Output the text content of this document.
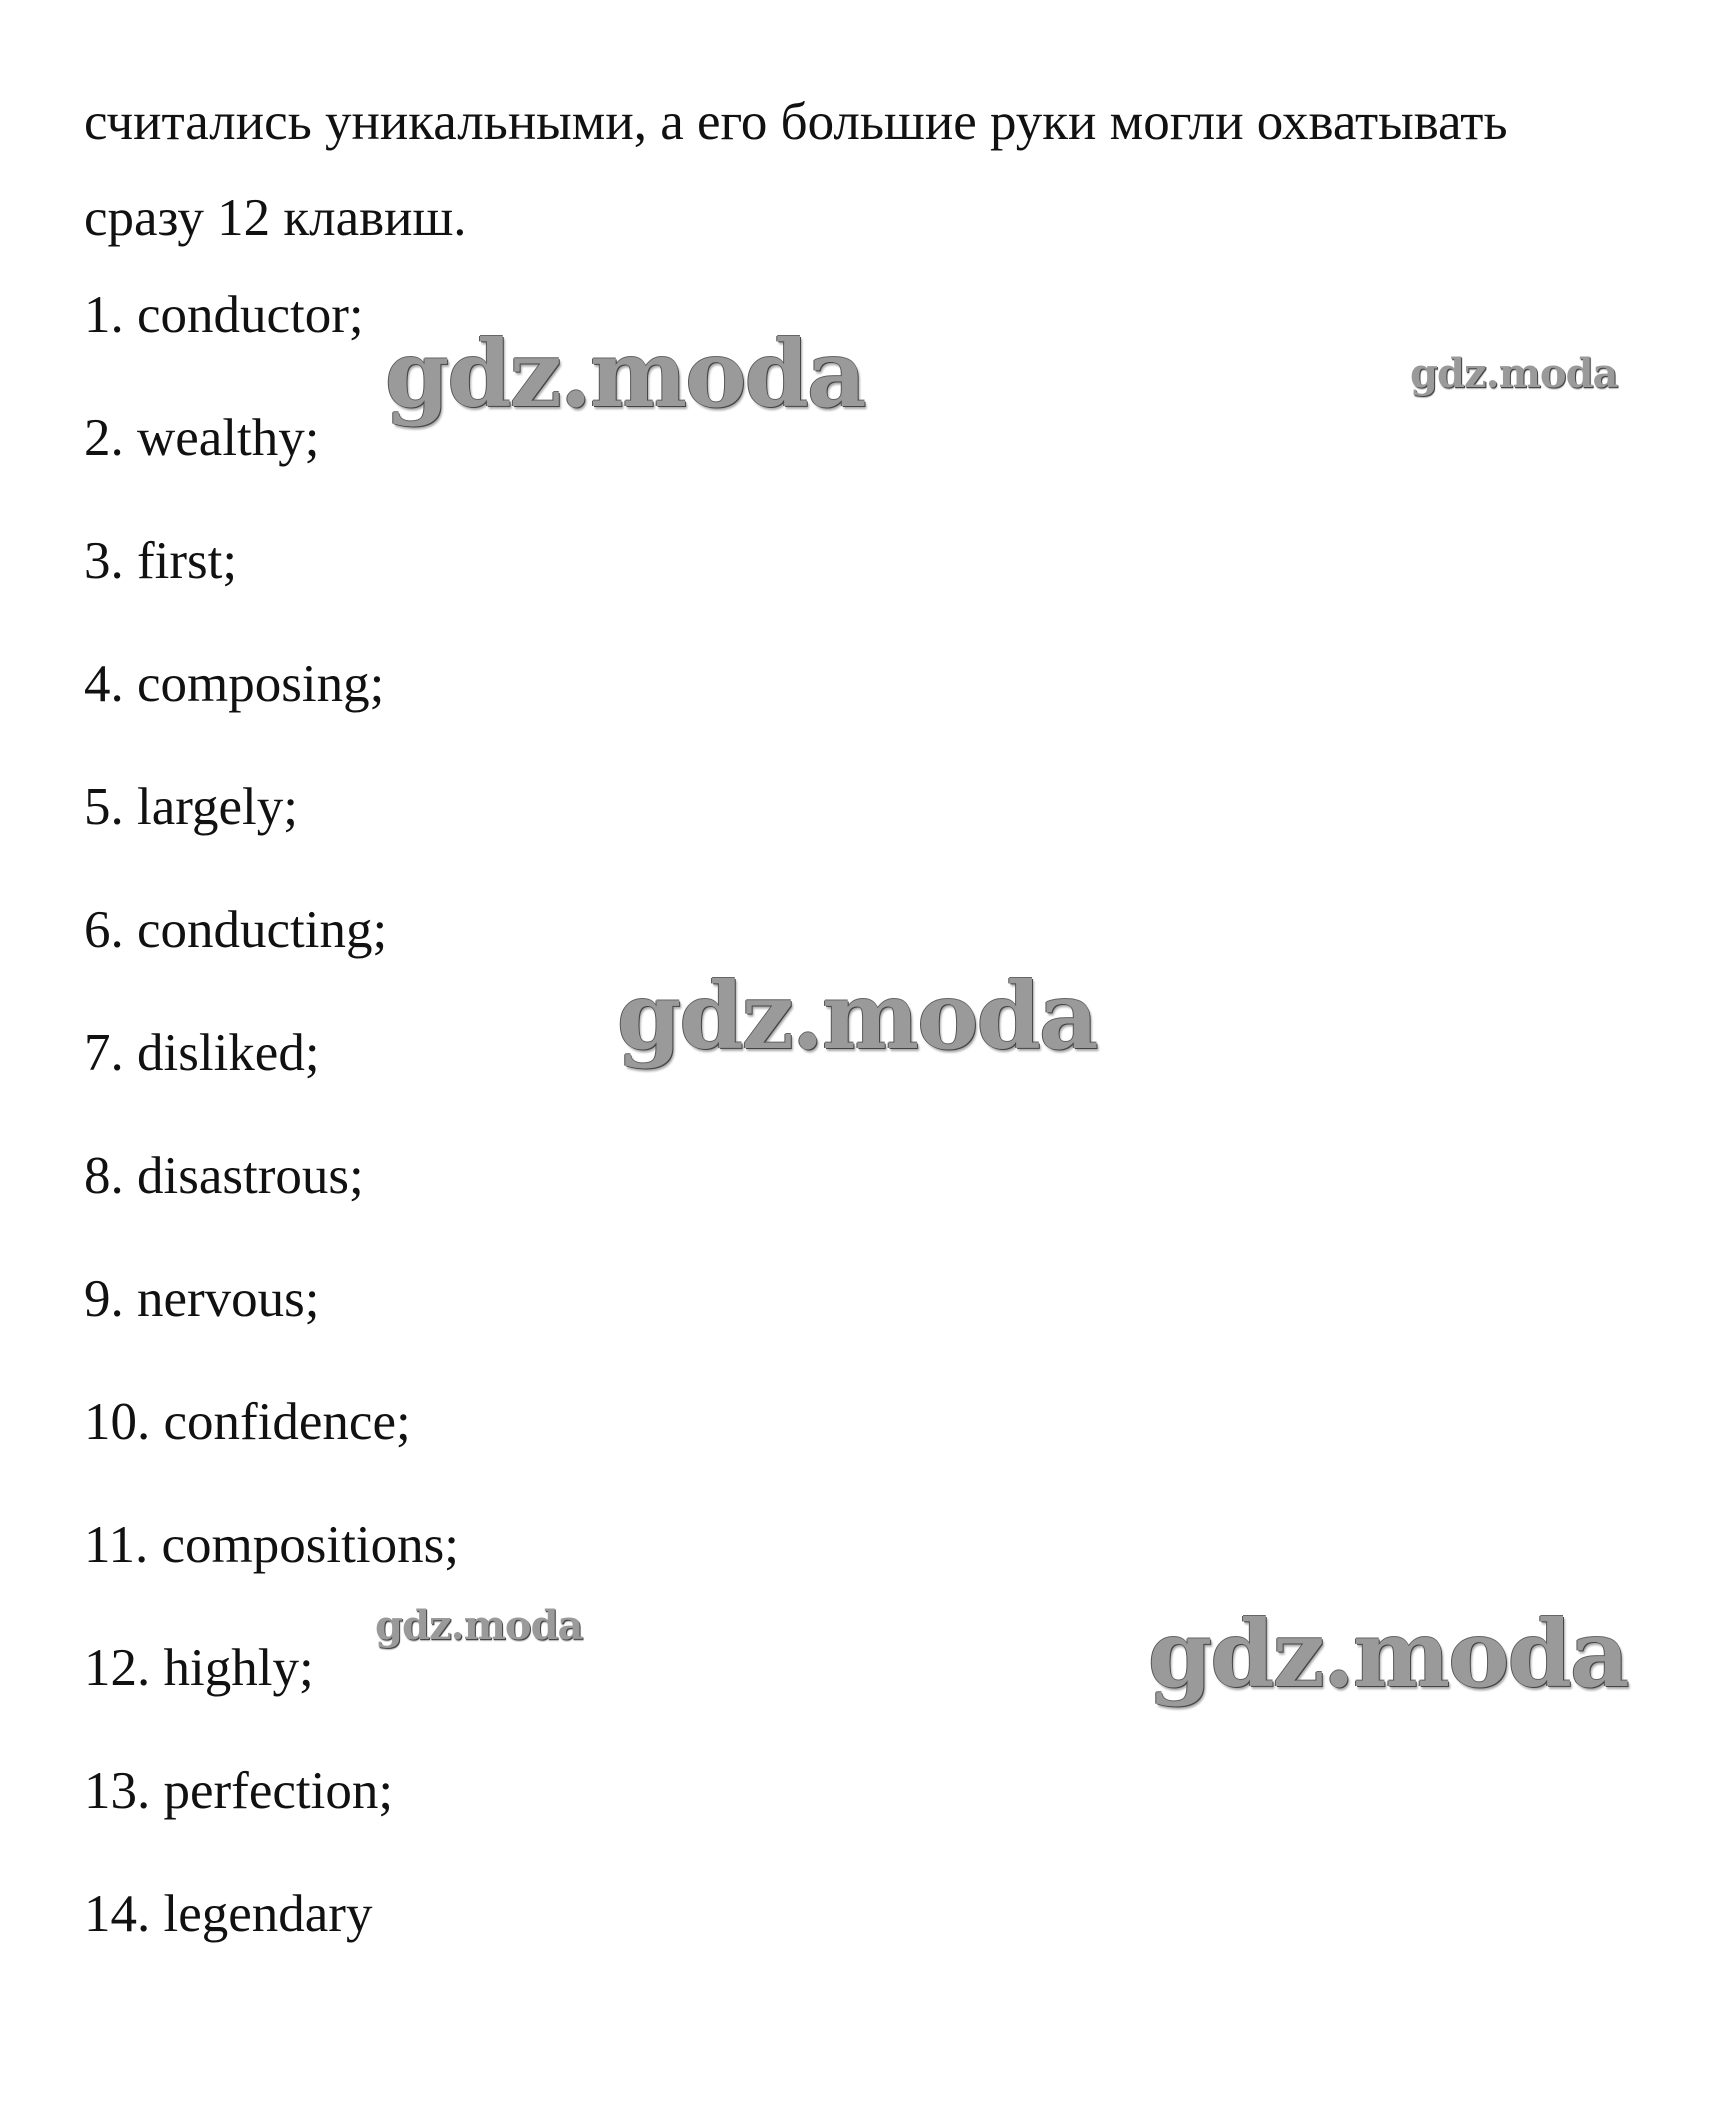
считались уникальными, а его большие руки могли охватывать
сразу 12 клавиш.

1. conductor;
2. wealthy;
3. first;
4. composing;
5. largely;
6. conducting;
7. disliked;
8. disastrous;
9. nervous;
10. confidence;
11. compositions;
12. highly;
13. perfection;
14. legendary
gdz.moda	gdz.moda
gdz.moda
gdz.moda	gdz.moda
